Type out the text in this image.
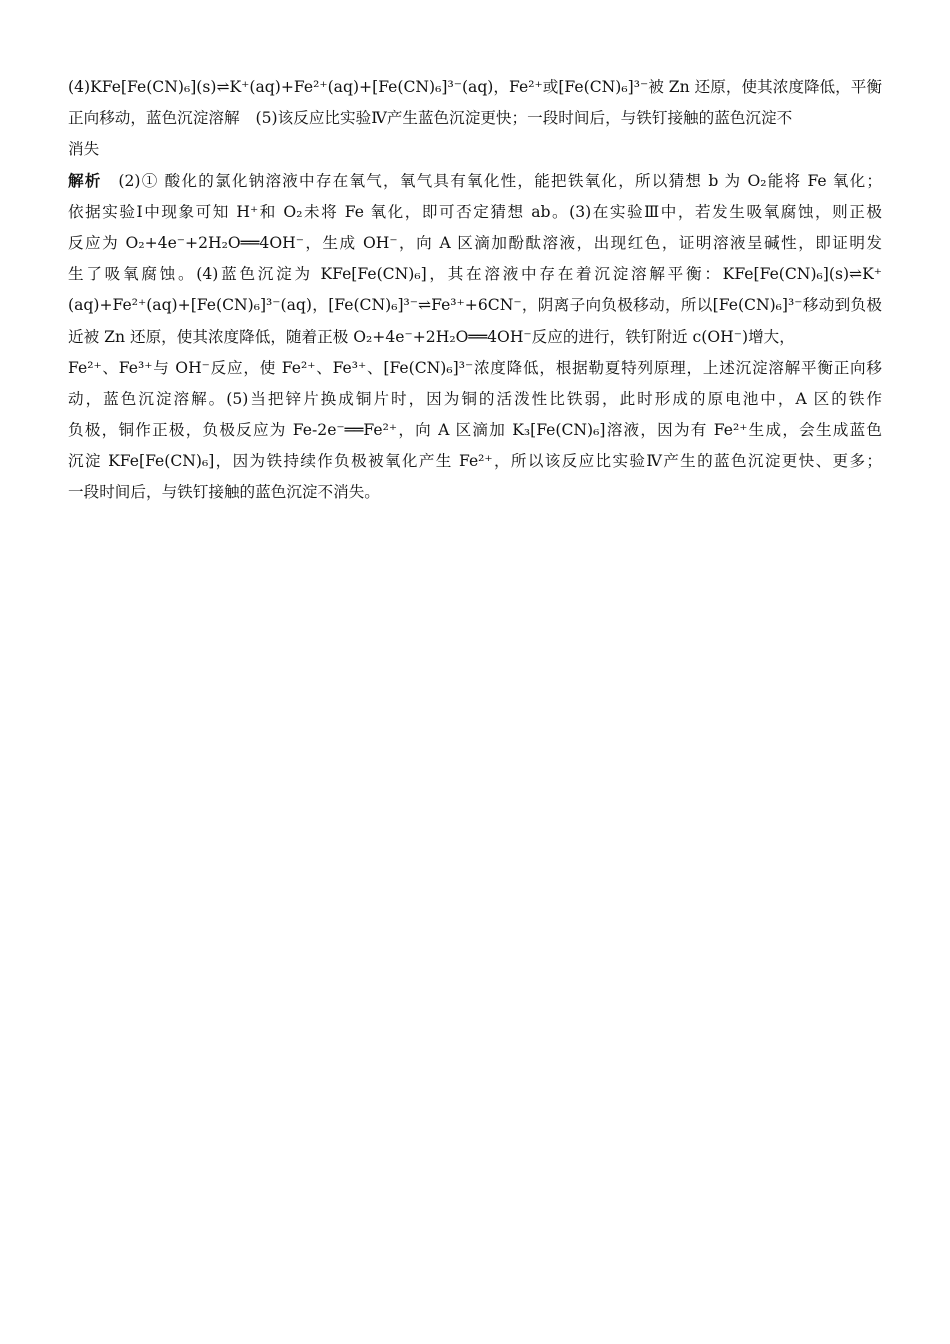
(4)KFe[Fe(CN)₆](s)⇌K⁺(aq)+Fe²⁺(aq)+[Fe(CN)₆]³⁻(aq)，Fe²⁺或[Fe(CN)₆]³⁻被 Zn 还原，使其浓度降低，平衡
正向移动，蓝色沉淀溶解 (5)该反应比实验Ⅳ产生蓝色沉淀更快；一段时间后，与铁钉接触的蓝色沉淀不
消失
解析　 (2)① 酸化的氯化钠溶液中存在氧气，氧气具有氧化性，能把铁氧化，所以猜想 b 为 O₂能将 Fe 氧化；
依据实验Ⅰ中现象可知 H⁺和 O₂未将 Fe 氧化，即可否定猜想 ab。(3)在实验Ⅲ中，若发生吸氧腐蚀，则正极
反应为 O₂+4e⁻+2H₂O══4OH⁻，生成 OH⁻，向 A 区滴加酚酞溶液，出现红色，证明溶液呈碱性，即证明发
生了吸氧腐蚀。(4)蓝色沉淀为 KFe[Fe(CN)₆]，其在溶液中存在着沉淀溶解平衡：KFe[Fe(CN)₆](s)⇌K⁺
(aq)+Fe²⁺(aq)+[Fe(CN)₆]³⁻(aq)，[Fe(CN)₆]³⁻⇌Fe³⁺+6CN⁻，阴离子向负极移动，所以[Fe(CN)₆]³⁻移动到负极
近被 Zn 还原，使其浓度降低，随着正极 O₂+4e⁻+2H₂O══4OH⁻反应的进行，铁钉附近 c(OH⁻)增大，
Fe²⁺、Fe³⁺与 OH⁻反应，使 Fe²⁺、Fe³⁺、[Fe(CN)₆]³⁻浓度降低，根据勒夏特列原理，上述沉淀溶解平衡正向移
动，蓝色沉淀溶解。(5)当把锌片换成铜片时，因为铜的活泼性比铁弱，此时形成的原电池中，A 区的铁作
负极，铜作正极，负极反应为 Fe-2e⁻══Fe²⁺，向 A 区滴加 K₃[Fe(CN)₆]溶液，因为有 Fe²⁺生成，会生成蓝色
沉淀 KFe[Fe(CN)₆]，因为铁持续作负极被氧化产生 Fe²⁺，所以该反应比实验Ⅳ产生的蓝色沉淀更快、更多；
一段时间后，与铁钉接触的蓝色沉淀不消失。
